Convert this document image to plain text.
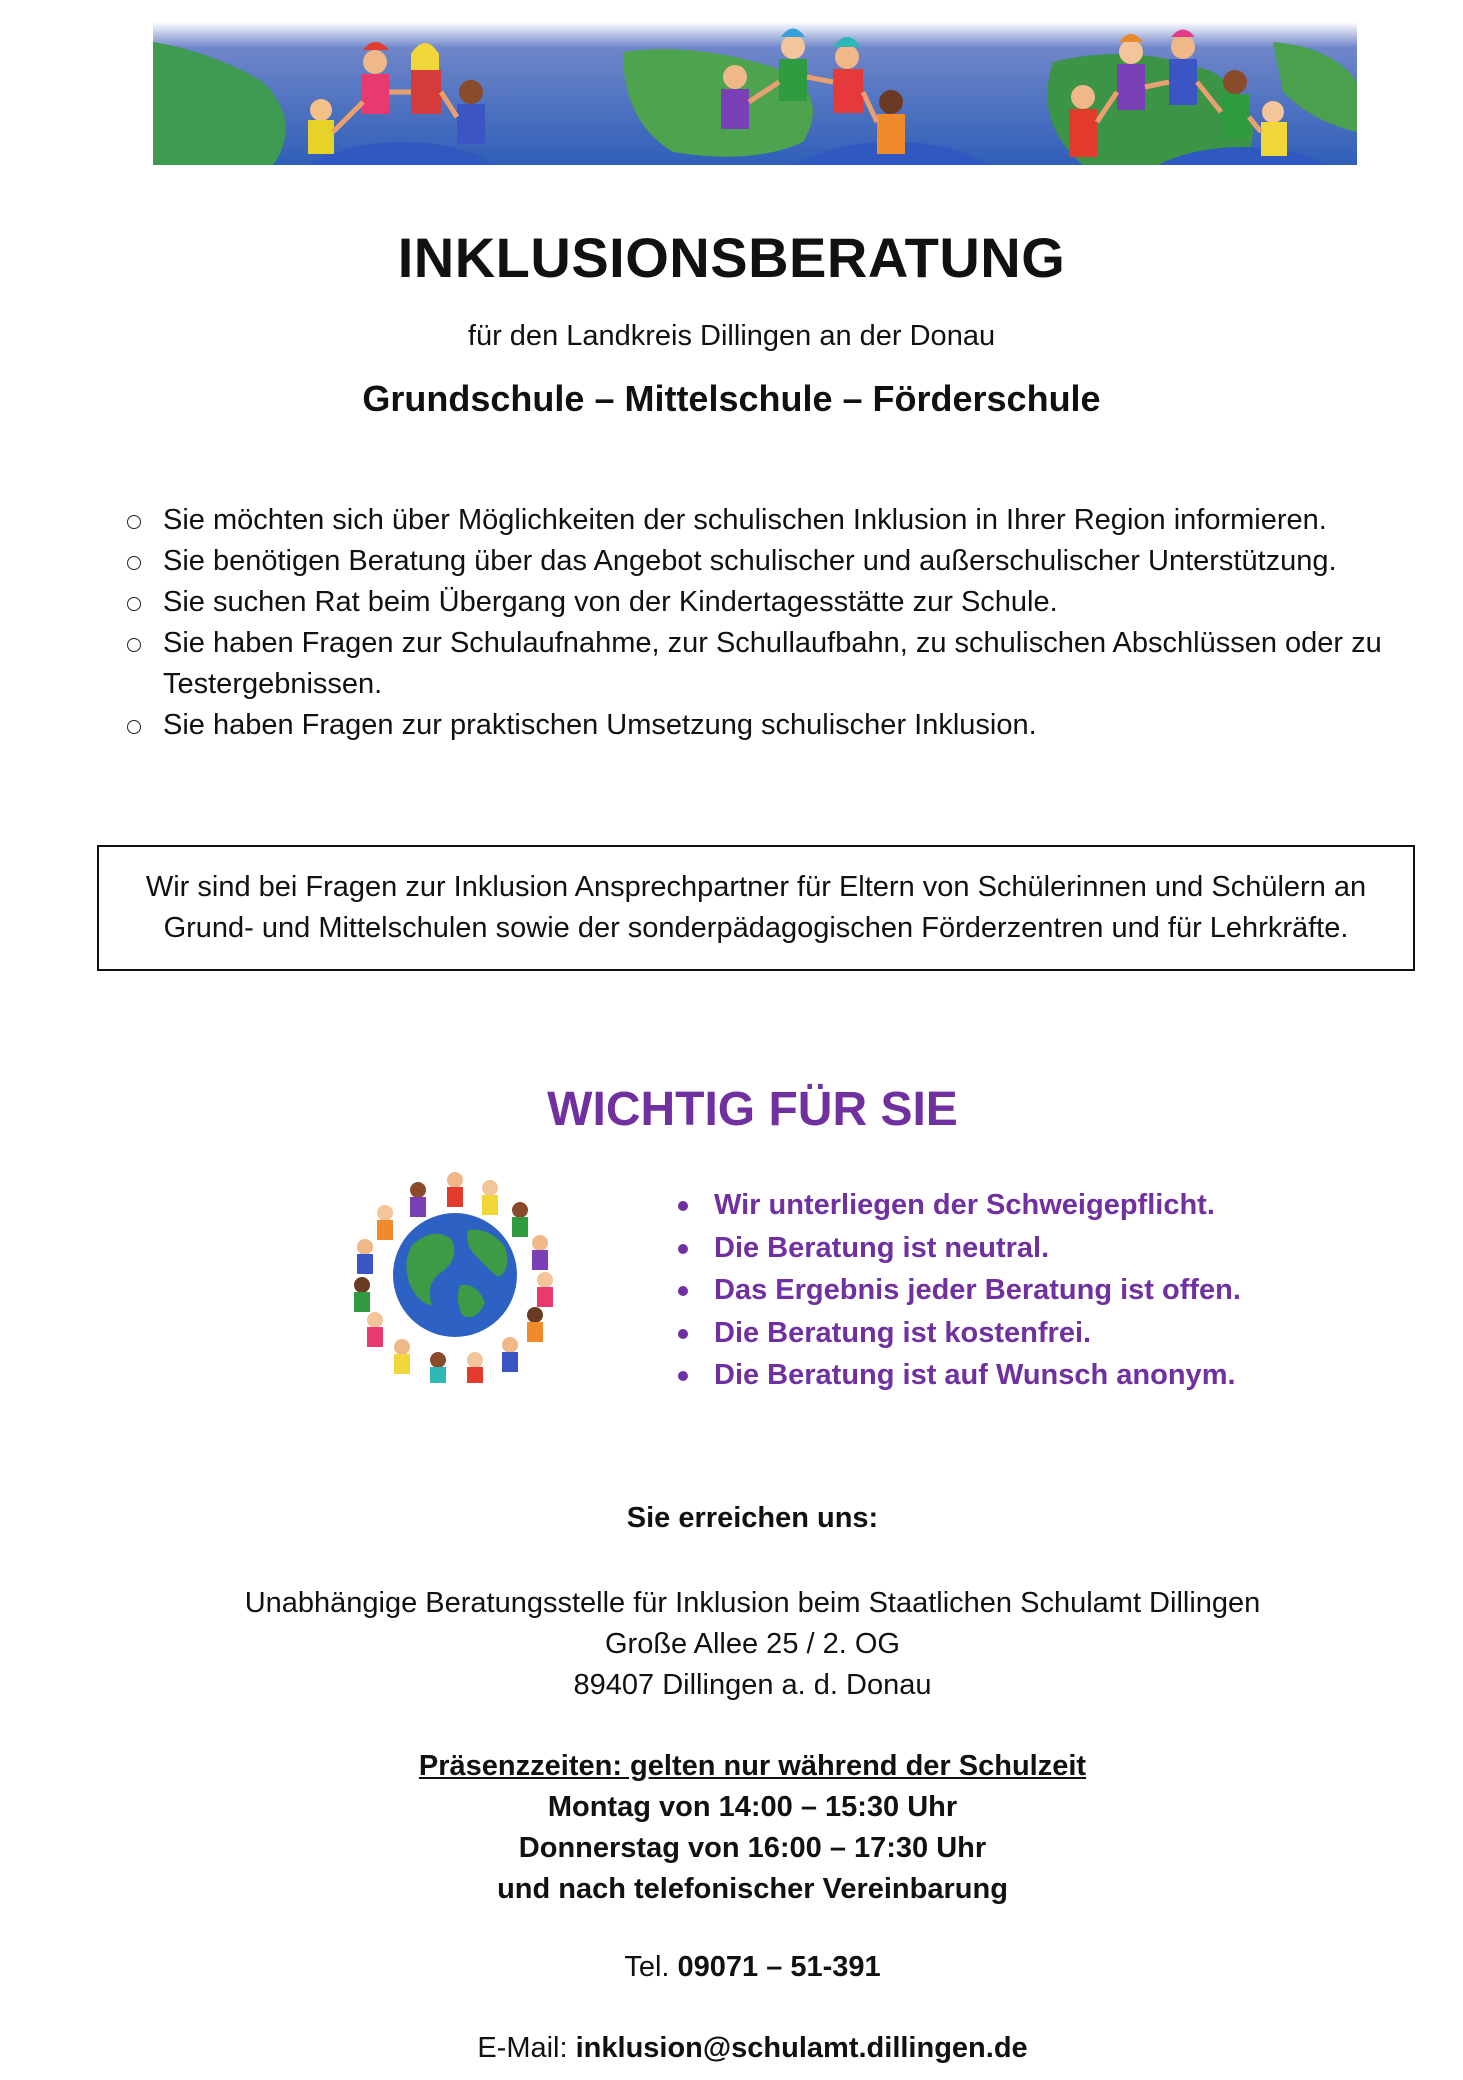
INKLUSIONSBERATUNG

für den Landkreis Dillingen an der Donau

Grundschule – Mittelschule – Förderschule

Sie möchten sich über Möglichkeiten der schulischen Inklusion in Ihrer Region informieren.
Sie benötigen Beratung über das Angebot schulischer und außerschulischer Unterstützung.
Sie suchen Rat beim Übergang von der Kindertagesstätte zur Schule.
Sie haben Fragen zur Schulaufnahme, zur Schullaufbahn, zu schulischen Abschlüssen oder zu Testergebnissen.
Sie haben Fragen zur praktischen Umsetzung schulischer Inklusion.
Wir sind bei Fragen zur Inklusion Ansprechpartner für Eltern von Schülerinnen und Schülern an Grund- und Mittelschulen sowie der sonderpädagogischen Förderzentren und für Lehrkräfte.
WICHTIG FÜR SIE
Wir unterliegen der Schweigepflicht.
Die Beratung ist neutral.
Das Ergebnis jeder Beratung ist offen.
Die Beratung ist kostenfrei.
Die Beratung ist auf Wunsch anonym.

Sie erreichen uns:

Unabhängige Beratungsstelle für Inklusion beim Staatlichen Schulamt Dillingen

Große Allee 25 / 2. OG

89407 Dillingen a. d. Donau

Präsenzzeiten: gelten nur während der Schulzeit

Montag von 14:00 – 15:30 Uhr

Donnerstag von 16:00 – 17:30 Uhr

und nach telefonischer Vereinbarung

Tel. 09071 – 51-391

E-Mail: inklusion@schulamt.dillingen.de
